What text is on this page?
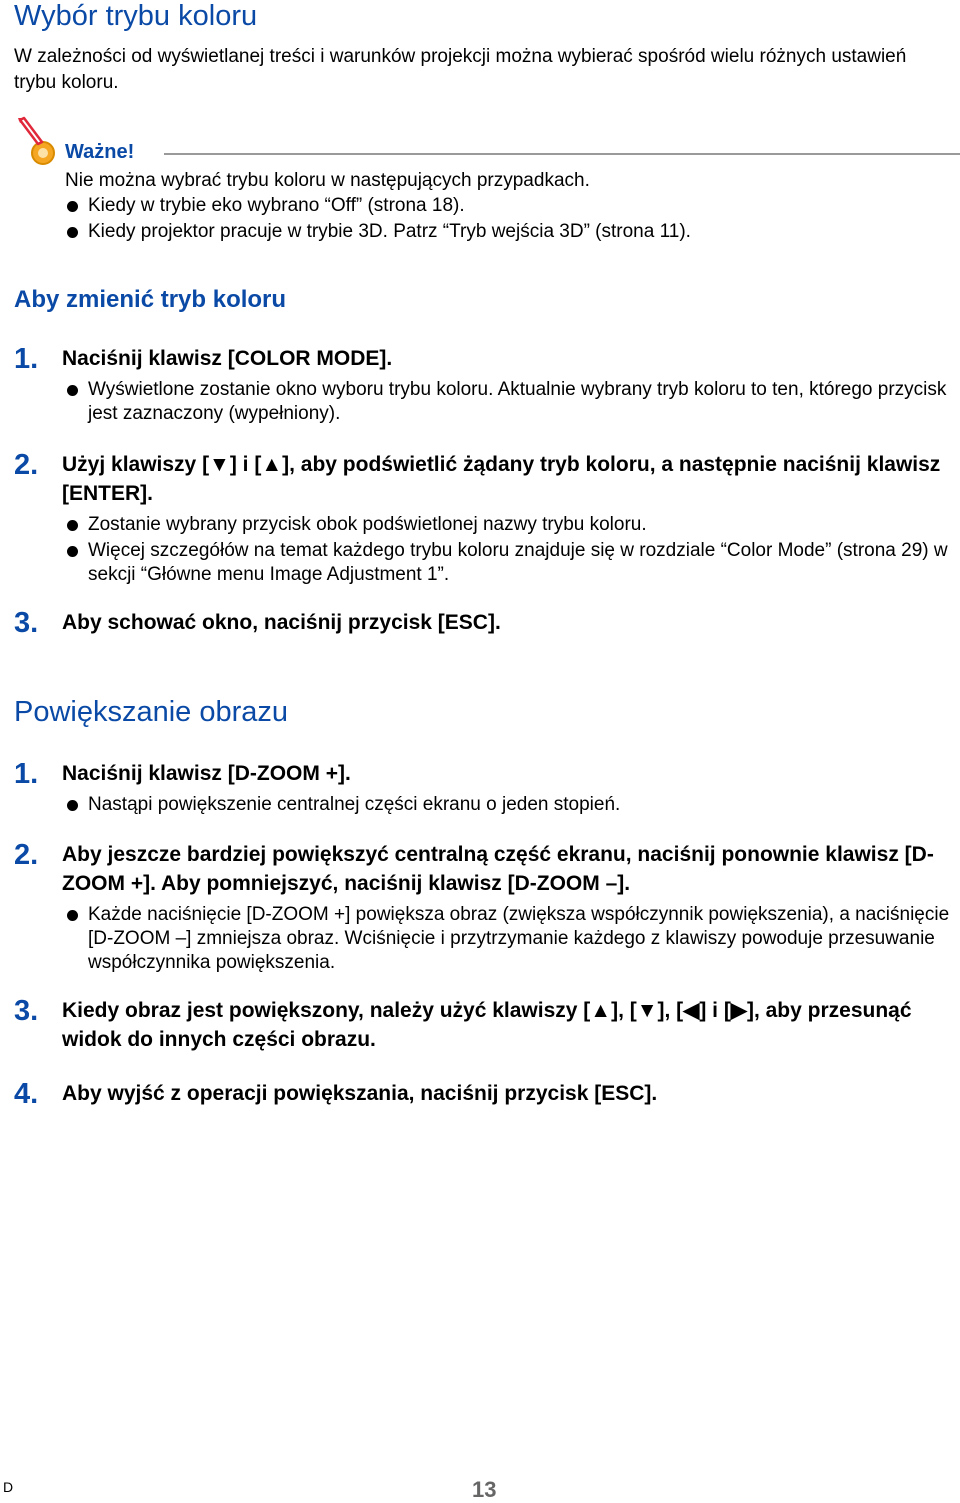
Wybór trybu koloru
W zależności od wyświetlanej treści i warunków projekcji można wybierać spośród wielu różnych ustawień trybu koloru.
Ważne!
Nie można wybrać trybu koloru w następujących przypadkach.
Kiedy w trybie eko wybrano “Off” (strona 18).
Kiedy projektor pracuje w trybie 3D. Patrz “Tryb wejścia 3D” (strona 11).
Aby zmienić tryb koloru
1. Naciśnij klawisz [COLOR MODE].
Wyświetlone zostanie okno wyboru trybu koloru. Aktualnie wybrany tryb koloru to ten, którego przycisk jest zaznaczony (wypełniony).
2. Użyj klawiszy [▼] i [▲], aby podświetlić żądany tryb koloru, a następnie naciśnij klawisz [ENTER].
Zostanie wybrany przycisk obok podświetlonej nazwy trybu koloru.
Więcej szczegółów na temat każdego trybu koloru znajduje się w rozdziale “Color Mode” (strona 29) w sekcji “Główne menu Image Adjustment 1”.
3. Aby schować okno, naciśnij przycisk [ESC].
Powiększanie obrazu
1. Naciśnij klawisz [D-ZOOM +].
Nastąpi powiększenie centralnej części ekranu o jeden stopień.
2. Aby jeszcze bardziej powiększyć centralną część ekranu, naciśnij ponownie klawisz [D-ZOOM +]. Aby pomniejszyć, naciśnij klawisz [D-ZOOM –].
Każde naciśnięcie [D-ZOOM +] powiększa obraz (zwiększa współczynnik powiększenia), a naciśnięcie [D-ZOOM –] zmniejsza obraz. Wciśnięcie i przytrzymanie każdego z klawiszy powoduje przesuwanie współczynnika powiększenia.
3. Kiedy obraz jest powiększony, należy użyć klawiszy [▲], [▼], [◀] i [▶], aby przesunąć widok do innych części obrazu.
4. Aby wyjść z operacji powiększania, naciśnij przycisk [ESC].
D	13
